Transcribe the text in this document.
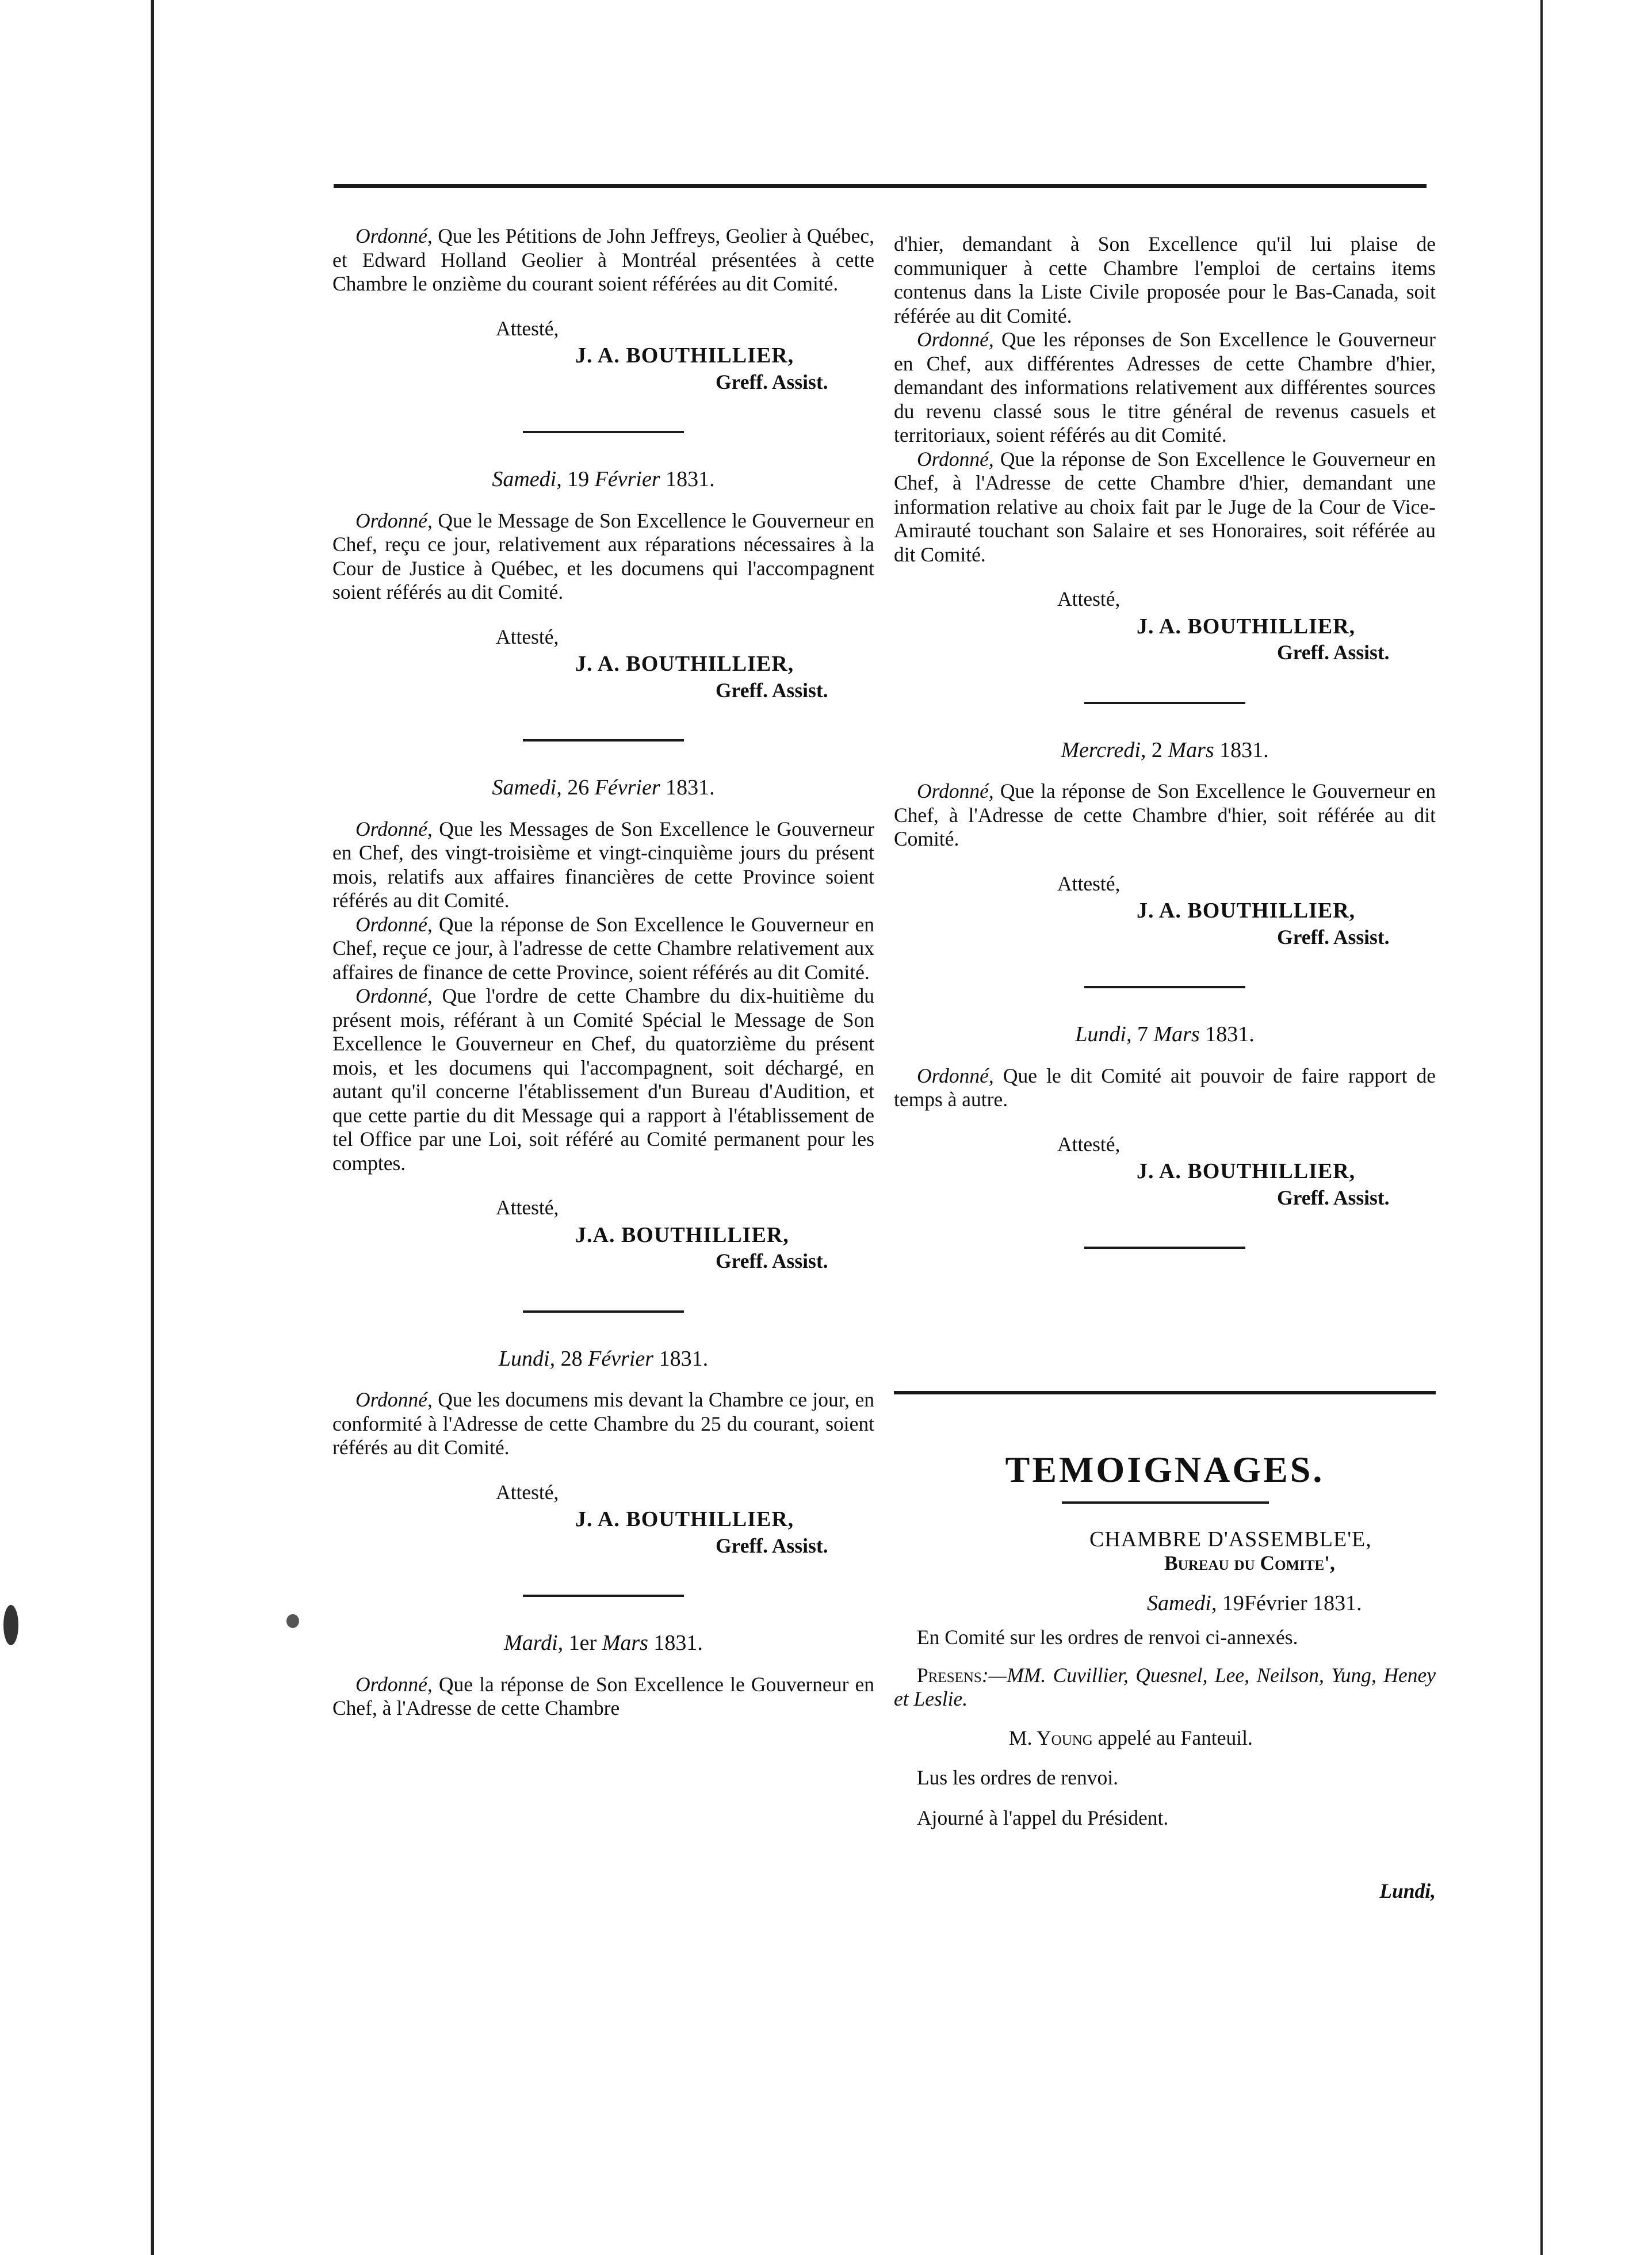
Ordonné, Que les Pétitions de John Jeffreys, Geolier à Québec, et Edward Holland Geolier à Montréal présentées à cette Chambre le onzième du courant soient référées au dit Comité.

Attesté,
J. A. BOUTHILLIER,
Greff. Assist.
Samedi, 19 Février 1831.

Ordonné, Que le Message de Son Excellence le Gouverneur en Chef, reçu ce jour, relativement aux réparations nécessaires à la Cour de Justice à Québec, et les documens qui l'accompagnent soient référés au dit Comité.

Attesté,
J. A. BOUTHILLIER,
Greff. Assist.
Samedi, 26 Février 1831.

Ordonné, Que les Messages de Son Excellence le Gouverneur en Chef, des vingt-troisième et vingt-cinquième jours du présent mois, relatifs aux affaires financières de cette Province soient référés au dit Comité.

Ordonné, Que la réponse de Son Excellence le Gouverneur en Chef, reçue ce jour, à l'adresse de cette Chambre relativement aux affaires de finance de cette Province, soient référés au dit Comité.

Ordonné, Que l'ordre de cette Chambre du dix-huitième du présent mois, référant à un Comité Spécial le Message de Son Excellence le Gouverneur en Chef, du quatorzième du présent mois, et les documens qui l'accompagnent, soit déchargé, en autant qu'il concerne l'établissement d'un Bureau d'Audition, et que cette partie du dit Message qui a rapport à l'établissement de tel Office par une Loi, soit référé au Comité permanent pour les comptes.

Attesté,
J.A. BOUTHILLIER,
Greff. Assist.
Lundi, 28 Février 1831.

Ordonné, Que les documens mis devant la Chambre ce jour, en conformité à l'Adresse de cette Chambre du 25 du courant, soient référés au dit Comité.

Attesté,
J. A. BOUTHILLIER,
Greff. Assist.
Mardi, 1er Mars 1831.

Ordonné, Que la réponse de Son Excellence le Gouverneur en Chef, à l'Adresse de cette Chambre

d'hier, demandant à Son Excellence qu'il lui plaise de communiquer à cette Chambre l'emploi de certains items contenus dans la Liste Civile proposée pour le Bas-Canada, soit référée au dit Comité.

Ordonné, Que les réponses de Son Excellence le Gouverneur en Chef, aux différentes Adresses de cette Chambre d'hier, demandant des informations relativement aux différentes sources du revenu classé sous le titre général de revenus casuels et territoriaux, soient référés au dit Comité.

Ordonné, Que la réponse de Son Excellence le Gouverneur en Chef, à l'Adresse de cette Chambre d'hier, demandant une information relative au choix fait par le Juge de la Cour de Vice-Amirauté touchant son Salaire et ses Honoraires, soit référée au dit Comité.

Attesté,
J. A. BOUTHILLIER,
Greff. Assist.
Mercredi, 2 Mars 1831.

Ordonné, Que la réponse de Son Excellence le Gouverneur en Chef, à l'Adresse de cette Chambre d'hier, soit référée au dit Comité.

Attesté,
J. A. BOUTHILLIER,
Greff. Assist.
Lundi, 7 Mars 1831.

Ordonné, Que le dit Comité ait pouvoir de faire rapport de temps à autre.

Attesté,
J. A. BOUTHILLIER,
Greff. Assist.
TEMOIGNAGES.
CHAMBRE D'ASSEMBLE'E,
Bureau du Comite',
Samedi, 19Février 1831.
En Comité sur les ordres de renvoi ci-annexés.

Presens:—MM. Cuvillier, Quesnel, Lee, Neilson, Yung, Heney et Leslie.

M. Young appelé au Fanteuil.
Lus les ordres de renvoi.
Ajourné à l'appel du Président.
Lundi,
